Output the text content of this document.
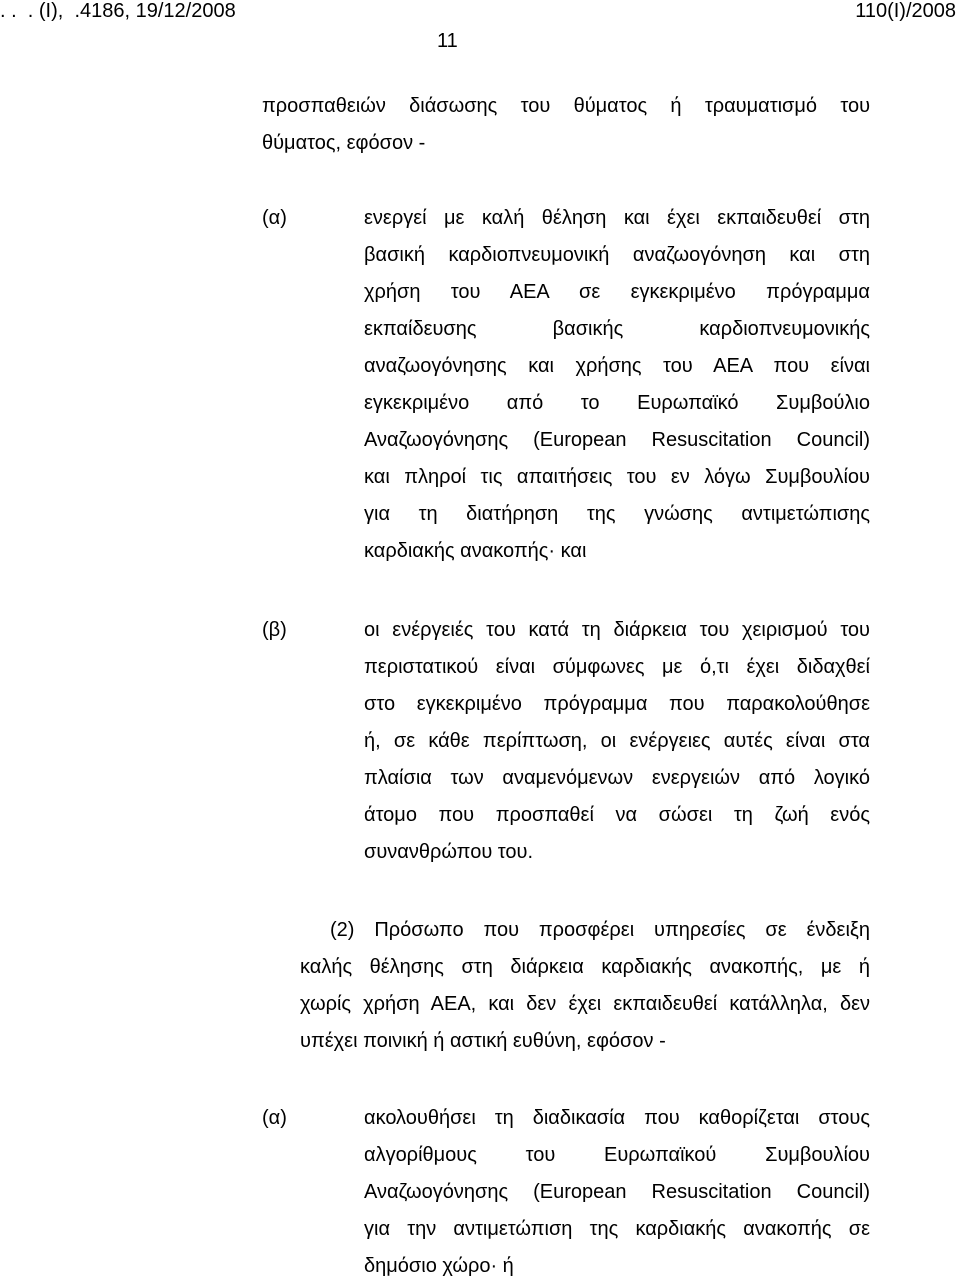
. .  . (Ι),  .4186, 19/12/2008	110(I)/2008
11
προσπαθειών διάσωσης του θύματος ή τραυματισμό του
θύματος, εφόσον -
(α)	ενεργεί με καλή θέληση και έχει εκπαιδευθεί στη
βασική καρδιοπνευμονική αναζωογόνηση και στη
χρήση του ΑΕΑ σε εγκεκριμένο πρόγραμμα
εκπαίδευσης βασικής καρδιοπνευμονικής
αναζωογόνησης και χρήσης του ΑΕΑ που είναι
εγκεκριμένο από το Ευρωπαϊκό Συμβούλιο
Αναζωογόνησης (European Resuscitation Council)
και πληροί τις απαιτήσεις του εν λόγω Συμβουλίου
για τη διατήρηση της γνώσης αντιμετώπισης
καρδιακής ανακοπής· και
(β)	οι ενέργειές του κατά τη διάρκεια του χειρισμού του
περιστατικού είναι σύμφωνες με ό,τι έχει διδαχθεί
στο εγκεκριμένο πρόγραμμα που παρακολούθησε
ή, σε κάθε περίπτωση, οι ενέργειες αυτές είναι στα
πλαίσια των αναμενόμενων ενεργειών από λογικό
άτομο που προσπαθεί να σώσει τη ζωή ενός
συνανθρώπου του.
(2) Πρόσωπο που προσφέρει υπηρεσίες σε ένδειξη
καλής θέλησης στη διάρκεια καρδιακής ανακοπής, με ή
χωρίς χρήση ΑΕΑ, και δεν έχει εκπαιδευθεί κατάλληλα, δεν
υπέχει ποινική ή αστική ευθύνη, εφόσον -
(α)	ακολουθήσει τη διαδικασία που καθορίζεται στους
αλγορίθμους του Ευρωπαϊκού Συμβουλίου
Αναζωογόνησης (European Resuscitation Council)
για την αντιμετώπιση της καρδιακής ανακοπής σε
δημόσιο χώρο· ή
